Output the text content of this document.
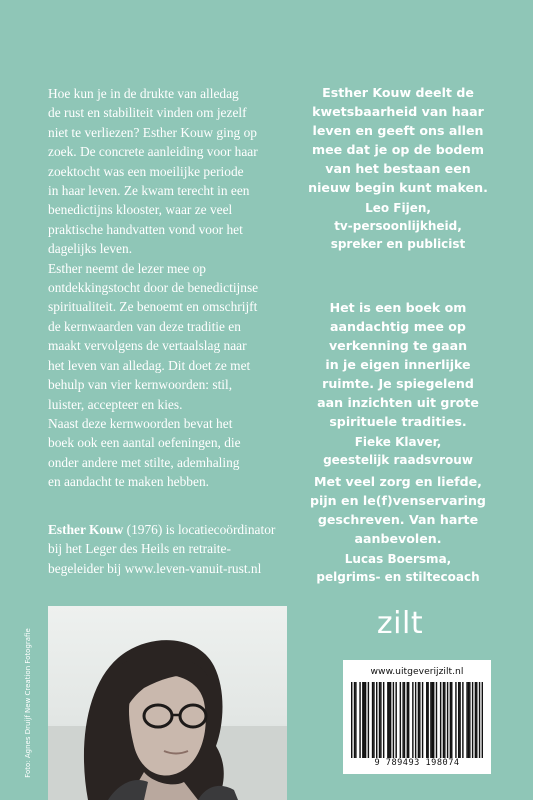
Hoe kun je in de drukte van alledag
de rust en stabiliteit vinden om jezelf
niet te verliezen? Esther Kouw ging op
zoek. De concrete aanleiding voor haar
zoektocht was een moeilijke periode
in haar leven. Ze kwam terecht in een
benedictijns klooster, waar ze veel
praktische handvatten vond voor het
dagelijks leven.

Esther neemt de lezer mee op
ontdekkingstocht door de benedictijnse
spiritualiteit. Ze benoemt en omschrijft
de kernwaarden van deze traditie en
maakt vervolgens de vertaalslag naar
het leven van alledag. Dit doet ze met
behulp van vier kernwoorden: stil,
luister, accepteer en kies.

Naast deze kernwoorden bevat het
boek ook een aantal oefeningen, die
onder andere met stilte, ademhaling
en aandacht te maken hebben.

Esther Kouw (1976) is locatiecoördinator
bij het Leger des Heils en retraite-
begeleider bij www.leven-vanuit-rust.nl
Esther Kouw deelt de
kwetsbaarheid van haar
leven en geeft ons allen
mee dat je op de bodem
van het bestaan een
nieuw begin kunt maken.
Leo Fijen,
tv-persoonlijkheid,
spreker en publicist
Het is een boek om
aandachtig mee op
verkenning te gaan
in je eigen innerlijke
ruimte. Je spiegelend
aan inzichten uit grote
spirituele tradities.
Fieke Klaver,
geestelijk raadsvrouw
Met veel zorg en liefde,
pijn en le(f)venservaring
geschreven. Van harte
aanbevolen.
Lucas Boersma,
pelgrims- en stiltecoach
Foto: Agnes Druijf New Creation Fotografie
zilt
www.uitgeverijzilt.nl
9 789493 198074
